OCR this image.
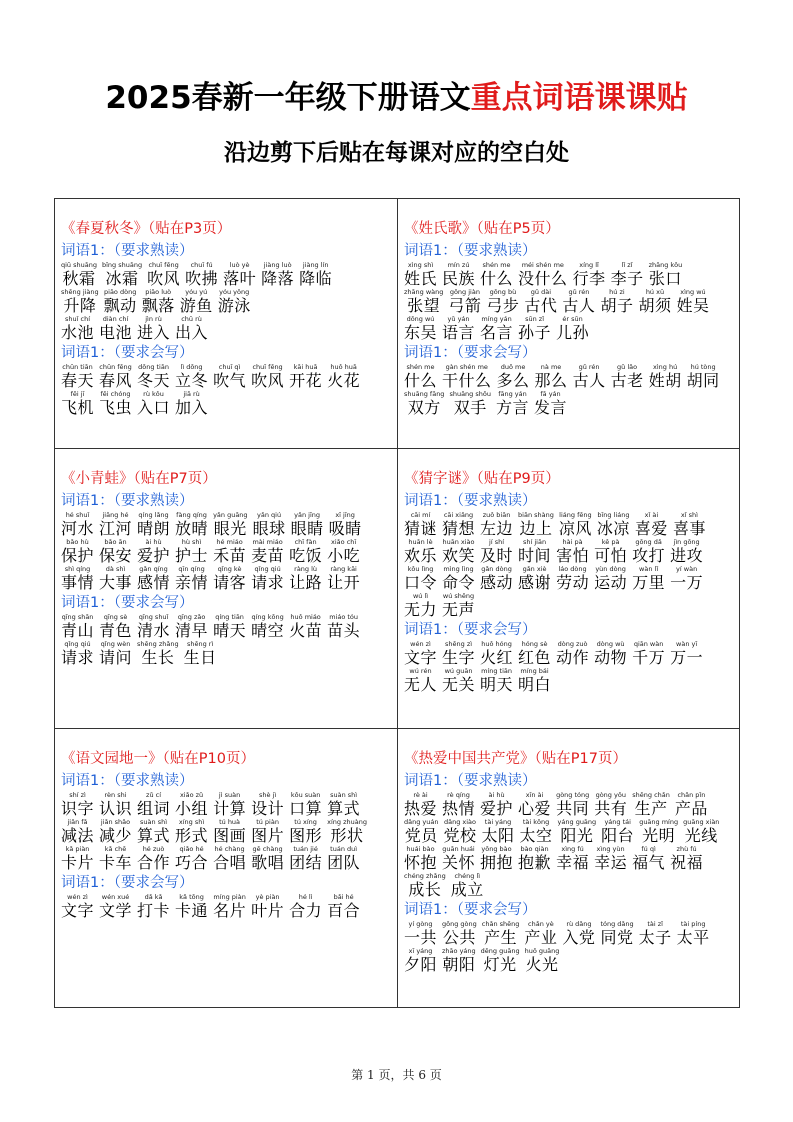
2025春新一年级下册语文重点词语课课贴
沿边剪下后贴在每课对应的空白处
《春夏秋冬》（贴在P3页）
词语1：（要求熟读）
qiū shuāng
秋霜
bīng shuāng
冰霜
chuī fēng
吹风
chuī fú
吹拂
luò yè
落叶
jiàng luò
降落
jiàng lín
降临
shēng jiàng
升降
piāo dòng
飘动
piāo luò
飘落
yóu yú
游鱼
yóu yǒng
游泳
shuǐ chí
水池
diàn chí
电池
jìn rù
进入
chū rù
出入
词语1：（要求会写）
chūn tiān
春天
chūn fēng
春风
dōng tiān
冬天
lì dōng
立冬
chuī qì
吹气
chuī fēng
吹风
kāi huā
开花
huǒ huā
火花
fēi jī
飞机
fēi chóng
飞虫
rù kǒu
入口
jiā rù
加入
《姓氏歌》（贴在P5页）
词语1：（要求熟读）
xìng shì
姓氏
mín zú
民族
shén me
什么
méi shén me
没什么
xíng lǐ
行李
lǐ zǐ
李子
zhāng kǒu
张口
zhāng wàng
张望
gōng jiàn
弓箭
gōng bù
弓步
gǔ dài
古代
gǔ rén
古人
hú zi
胡子
hú xū
胡须
xìng wú
姓吴
dōng wú
东吴
yǔ yán
语言
míng yán
名言
sūn zǐ
孙子
ér sūn
儿孙
词语1：（要求会写）
shén me
什么
gàn shén me
干什么
duō me
多么
nà me
那么
gǔ rén
古人
gǔ lǎo
古老
xìng hú
姓胡
hú tòng
胡同
shuāng fāng
双方
shuāng shǒu
双手
fāng yán
方言
fā yán
发言
《小青蛙》（贴在P7页）
词语1：（要求熟读）
hé shuǐ
河水
jiāng hé
江河
qíng lǎng
晴朗
fàng qíng
放晴
yǎn guāng
眼光
yǎn qiú
眼球
yǎn jīng
眼睛
xī jīng
吸睛
bǎo hù
保护
bǎo ān
保安
ài hù
爱护
hù shì
护士
hé miáo
禾苗
mài miáo
麦苗
chī fàn
吃饭
xiǎo chī
小吃
shì qíng
事情
dà shì
大事
gǎn qíng
感情
qīn qíng
亲情
qǐng kè
请客
qǐng qiú
请求
ràng lù
让路
ràng kāi
让开
词语1：（要求会写）
qīng shān
青山
qīng sè
青色
qīng shuǐ
清水
qīng zǎo
清早
qíng tiān
晴天
qíng kōng
晴空
huǒ miáo
火苗
miáo tóu
苗头
qǐng qiú
请求
qǐng wèn
请问
shēng zhǎng
生长
shēng rì
生日
《猜字谜》（贴在P9页）
词语1：（要求熟读）
cāi mí
猜谜
cāi xiǎng
猜想
zuǒ biān
左边
biān shàng
边上
liáng fēng
凉风
bīng liáng
冰凉
xǐ ài
喜爱
xǐ shì
喜事
huān lè
欢乐
huān xiào
欢笑
jí shí
及时
shí jiān
时间
hài pà
害怕
kě pà
可怕
gōng dǎ
攻打
jìn gōng
进攻
kǒu lìng
口令
mìng lìng
命令
gǎn dòng
感动
gǎn xiè
感谢
láo dòng
劳动
yùn dòng
运动
wàn lǐ
万里
yí wàn
一万
wú lì
无力
wú shēng
无声
词语1：（要求会写）
wén zì
文字
shēng zì
生字
huǒ hóng
火红
hóng sè
红色
dòng zuò
动作
dòng wù
动物
qiān wàn
千万
wàn yī
万一
wú rén
无人
wú guān
无关
míng tiān
明天
míng bái
明白
《语文园地一》（贴在P10页）
词语1：（要求熟读）
shí zì
识字
rèn shi
认识
zǔ cí
组词
xiǎo zǔ
小组
jì suàn
计算
shè jì
设计
kǒu suàn
口算
suàn shì
算式
jiǎn fǎ
减法
jiǎn shǎo
减少
suàn shì
算式
xíng shì
形式
tú huà
图画
tú piàn
图片
tú xíng
图形
xíng zhuàng
形状
kǎ piàn
卡片
kǎ chē
卡车
hé zuò
合作
qiǎo hé
巧合
hé chàng
合唱
gē chàng
歌唱
tuán jié
团结
tuán duì
团队
词语1：（要求会写）
wén zì
文字
wén xué
文学
dǎ kǎ
打卡
kǎ tōng
卡通
míng piàn
名片
yè piàn
叶片
hé lì
合力
bǎi hé
百合
《热爱中国共产党》（贴在P17页）
词语1：（要求熟读）
rè ài
热爱
rè qíng
热情
ài hù
爱护
xīn ài
心爱
gòng tóng
共同
gòng yǒu
共有
shēng chǎn
生产
chǎn pǐn
产品
dǎng yuán
党员
dǎng xiào
党校
tài yáng
太阳
tài kōng
太空
yáng guāng
阳光
yáng tái
阳台
guāng míng
光明
guāng xiàn
光线
huái bào
怀抱
guān huái
关怀
yōng bào
拥抱
bào qiàn
抱歉
xìng fú
幸福
xìng yùn
幸运
fú qì
福气
zhù fú
祝福
chéng zhǎng
成长
chéng lì
成立
词语1：（要求会写）
yí gòng
一共
gōng gòng
公共
chǎn shēng
产生
chǎn yè
产业
rù dǎng
入党
tóng dǎng
同党
tài zǐ
太子
tài píng
太平
xī yáng
夕阳
zhāo yáng
朝阳
dēng guāng
灯光
huǒ guāng
火光
第 1 页，共 6 页
